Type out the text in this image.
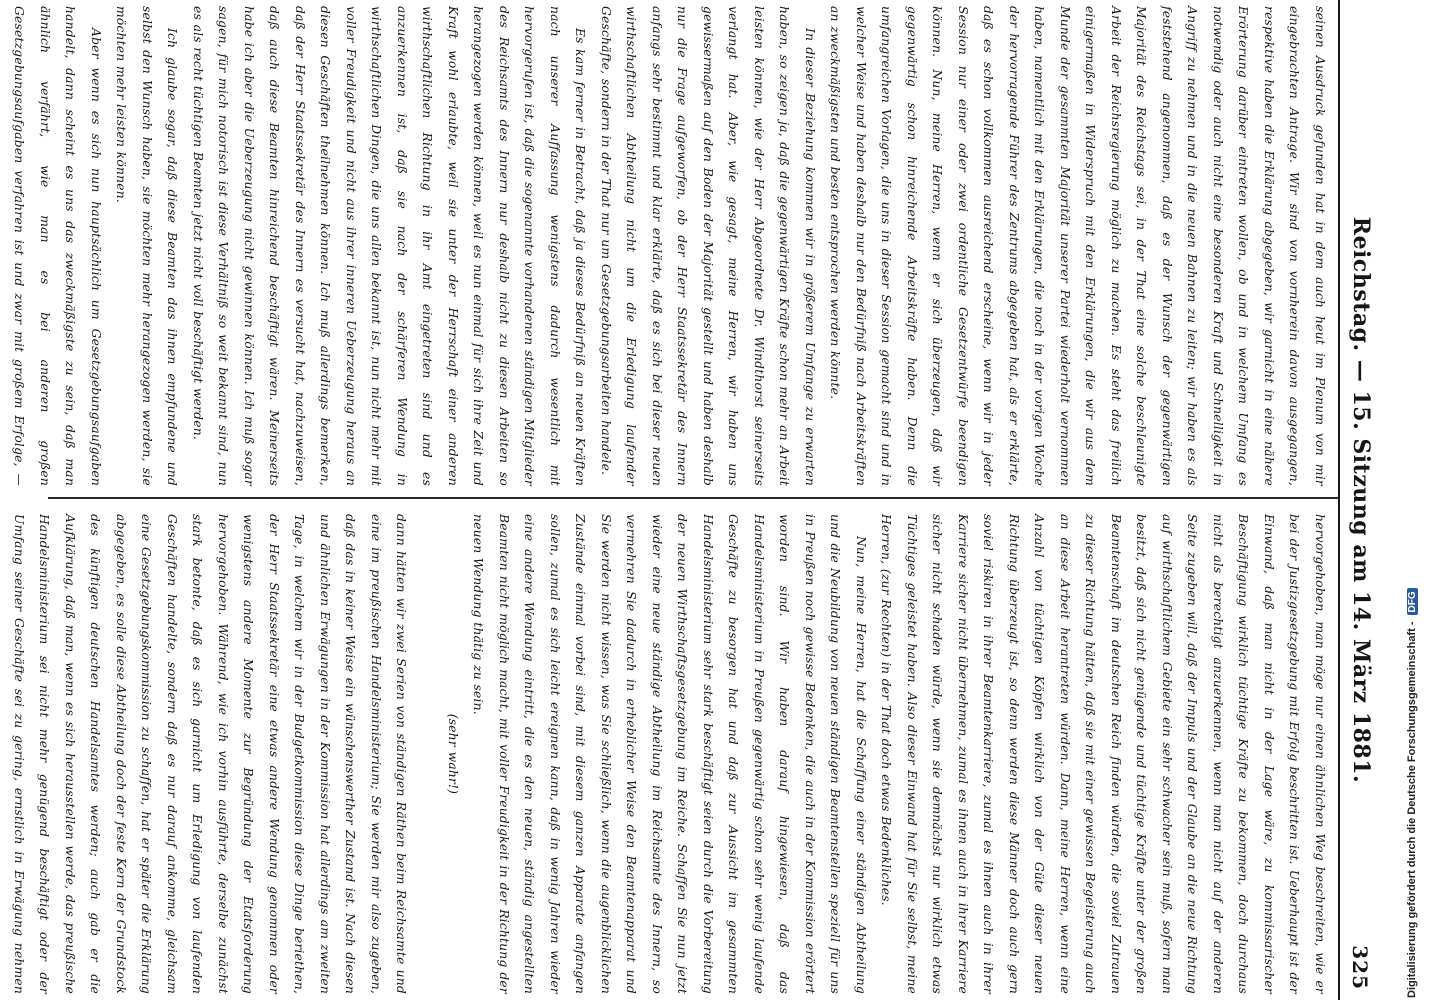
Reichstag. — 15. Sitzung am 14. März 1881.
325

seinen Ausdruck gefunden hat in dem auch heut im Plenum von mir eingebrachten Antrage. Wir sind von vornherein davon ausgegangen, respektive haben die Erklärung abgegeben, wir garnicht in eine nähere Erörterung darüber eintreten wollen, ob und in welchem Umfang es notwendig oder auch nicht eine besonderen Kraft und Schnelligkeit in Angriff zu nehmen und in die neuen Bahnen zu leiten; wir haben es als feststehend angenommen, daß es der Wunsch der gegenwärtigen Majorität des Reichstags sei, in der That eine solche beschleunigte Arbeit der Reichsregierung möglich zu machen. Es steht das freilich einigermaßen in Widerspruch mit den Erklärungen, die wir aus dem Munde der gesammten Majorität unserer Partei wiederholt vernommen haben, namentlich mit den Erklärungen, die noch in der vorigen Woche der hervorragende Führer des Zentrums abgegeben hat, als er erklärte, daß es schon vollkommen ausreichend erscheine, wenn wir in jeder Session nur einer oder zwei ordentliche Gesetzentwürfe beendigen können. Nun, meine Herren, wenn er sich überzeugen, daß wir gegenwärtig schon hinreichende Arbeitskräfte haben. Denn die umfangreichen Vorlagen, die uns in dieser Session gemacht sind und in welcher Weise und haben deshalb nur den Bedürfniß nach Arbeitskräften an zweckmäßigsten und besten entsprochen werden könnte.

In dieser Beziehung kommen wir in größerem Umfange zu erwarten haben, so zeigen ja, daß die gegenwärtigen Kräfte schon mehr an Arbeit leisten können, wie der Herr Abgeordnete Dr. Windthorst seinerseits verlangt hat. Aber, wie gesagt, meine Herren, wir haben uns gewissermaßen auf den Boden der Majorität gestellt und haben deshalb nur die Frage aufgeworfen, ob der Herr Staatssekretär des Innern anfangs sehr bestimmt und klar erklärte, daß es sich bei dieser neuen wirthschaftlichen Abtheilung nicht um die Erledigung laufender Geschäfte, sondern in der That nur um Gesetzgebungsarbeiten handele.

Es kam ferner in Betracht, daß ja dieses Bedürfniß an neuen Kräften nach unserer Auffassung wenigstens dadurch wesentlich mit hervorgerufen ist, daß die sogenannte vorhandenen ständigen Mitglieder des Reichsamts des Innern nur deshalb nicht zu diesen Arbeiten so herangezogen werden können, weil es nun einmal für sich ihre Zeit und Kraft wohl erlaubte, weil sie unter der Herrschaft einer anderen wirthschaftlichen Richtung in ihr Amt eingetreten sind und es anzuerkennen ist, daß sie nach der schärferen Wendung in wirthschaftlichen Dingen, die uns allen bekannt ist, nun nicht mehr mit voller Freudigkeit und nicht aus ihrer inneren Ueberzeugung heraus an diesen Geschäften theilnehmen können. Ich muß allerdings bemerken, daß der Herr Staatssekretär des Innern es versucht hat, nachzuweisen, daß auch diese Beamten hinreichend beschäftigt wären. Meinerseits habe ich aber die Ueberzeugung nicht gewinnen können. Ich muß sogar sagen, für mich notorisch ist diese Verhältniß so weit bekannt sind, nun es als recht tüchtigen Beamten jetzt nicht voll beschäftigt werden.

Ich glaube sogar, daß diese Beamten das ihnen empfundene und selbst den Wunsch haben, sie möchten mehr herangezogen werden, sie möchten mehr leisten können.

Aber wenn es sich nun hauptsächlich um Gesetzgebungsaufgaben handelt, dann scheint es uns das zweckmäßigste zu sein, daß man ähnlich verfährt, wie man es bei anderen großen Gesetzgebungsaufgaben verfahren ist und zwar mit großem Erfolge, —

hervorgehoben, man möge nur einen ähnlichen Weg beschreiten, wie er bei der Justizgesetzgebung mit Erfolg beschritten ist. Ueberhaupt ist der Einwand, daß man nicht in der Lage wäre, zu kommissarischer Beschäftigung wirklich tüchtige Kräfte zu bekommen, doch durchaus nicht als berechtigt anzuerkennen, wenn man nicht auf der anderen Seite zugeben will, daß der Impuls und der Glaube an die neue Richtung auf wirthschaftlichem Gebiete ein sehr schwacher sein muß, sofern man besitzt, daß sich nicht genügende und tüchtige Kräfte unter der großen Beamtenschaft im deutschen Reich finden würden, die soviel Zutrauen zu dieser Richtung hätten, daß sie mit einer gewissen Begeisterung auch an diese Arbeit herantreten würden. Dann, meine Herren, wenn eine Anzahl von tüchtigen Köpfen wirklich von der Güte dieser neuen Richtung überzeugt ist, so denn werden diese Männer doch auch gern soviel riskiren in ihrer Beamtenkarriere, zumal es ihnen auch in ihrer Karriere sicher nicht übernehmen, zumal es ihnen auch in ihrer Karriere sicher nicht schaden würde, wenn sie demnächst nur wirklich etwas Tüchtiges geleistet haben. Also dieser Einwand hat für Sie selbst, meine Herren, (zur Rechten) in der That doch etwas Bedenkliches.

Nun, meine Herren, hat die Schaffung einer ständigen Abtheilung und die Neubildung von neuen ständigen Beamtenstellen speziell für uns in Preußen noch gewisse Bedenken, die auch in der Kommission erörtert worden sind. Wir haben darauf hingewiesen, daß das Handelsministerium in Preußen gegenwärtig schon sehr wenig laufende Geschäfte zu besorgen hat und daß zur Aussicht im gesammten Handelsministerium sehr stark beschäftigt seien durch die Vorbereitung der neuen Wirthschaftsgesetzgebung im Reiche. Schaffen Sie nun jetzt wieder eine neue ständige Abtheilung im Reichsamte des Innern, so vermehren Sie dadurch in erheblicher Weise den Beamtenapparat und Sie werden nicht wissen, was Sie schließlich, wenn die augenblicklichen Zustände einmal vorbei sind, mit diesem ganzen Apparate anfangen sollen, zumal es sich leicht ereignen kann, daß in wenig Jahren wieder eine andere Wendung eintritt, die es den neuen, ständig angestellten Beamten nicht möglich macht, mit voller Freudigkeit in der Richtung der neuen Wendung thätig zu sein.

(sehr wahr!)

dann hätten wir zwei Serien von ständigen Räthen beim Reichsamte und eine im preußischen Handelsministerium; Sie werden mir also zugeben, daß das in keiner Weise ein wünschenswerther Zustand ist. Nach diesen und ähnlichen Erwägungen in der Kommission hat allerdings am zweiten Tage, in welchem wir in der Budgetkommission diese Dinge beriethen, der Herr Staatssekretär eine etwas andere Wendung genommen oder wenigstens andere Momente zur Begründung der Etatsforderung hervorgehoben. Während, wie ich vorhin ausführte, derselbe zunächst stark betonte, daß es sich garnicht um Erledigung von laufenden Geschäften handelte, sondern daß es nur darauf ankomme, gleichsam eine Gesetzgebungskommission zu schaffen, hat er später die Erklärung abgegeben, es solle diese Abtheilung doch der feste Kern der Grundstock des künftigen deutschen Handelsamtes werden; auch gab er die Aufklärung, daß man, wenn es sich herausstellen werde, das preußische Handelsministerium sei nicht mehr genügend beschäftigt oder der Umfang seiner Geschäfte sei zu gering, ernstlich in Erwägung nehmen	Digitalisierung gefördert durch die Deutsche Forschungsgemeinschaft -DFG
